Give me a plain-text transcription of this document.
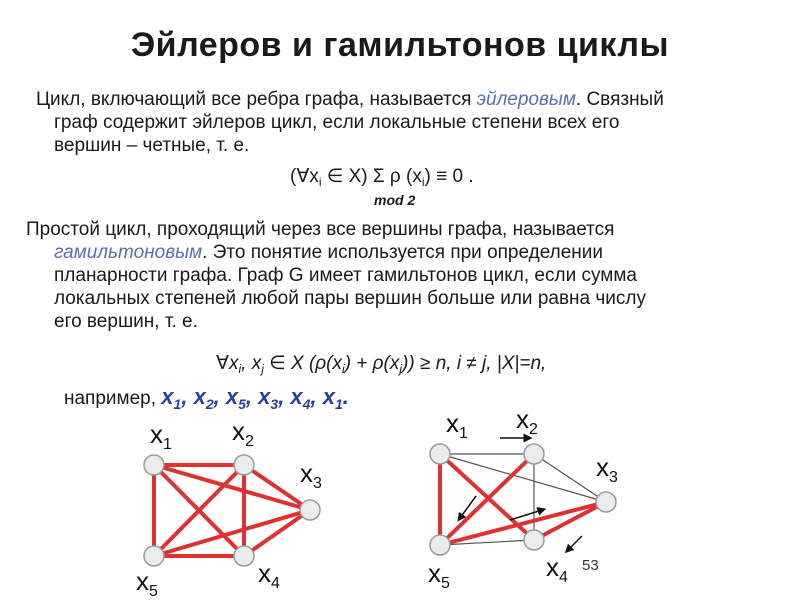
Эйлеров и гамильтонов циклы
Цикл, включающий все ребра графа, называется эйлеровым. Связный
граф содержит эйлеров цикл, если локальные степени всех его
вершин – четные, т. е.
($\forall x_i$ ∈ X) Σ ρ $(x_i) \equiv 0$ .
mod 2
Простой цикл, проходящий через все вершины графа, называется
гамильтоновым. Это понятие используется при определении
планарности графа. Граф G имеет гамильтонов цикл, если сумма
локальных степеней любой пары вершин больше или равна числу
его вершин, т. е.
$\forall x_i$, $x_j$ ∈ X $(\rho(x_i) + \rho(x_j)) \ge n$, i ≠ j, |X|=n,
например, $x_1$, $x_2$, $x_5$, $x_3$, $x_4$, $x_1$.
$x_1$ $x_2$
$x_3$
$x_4$
$x_5$
$x_1$ $x_2$
$x_3$
$x_4$
$x_5$
53
